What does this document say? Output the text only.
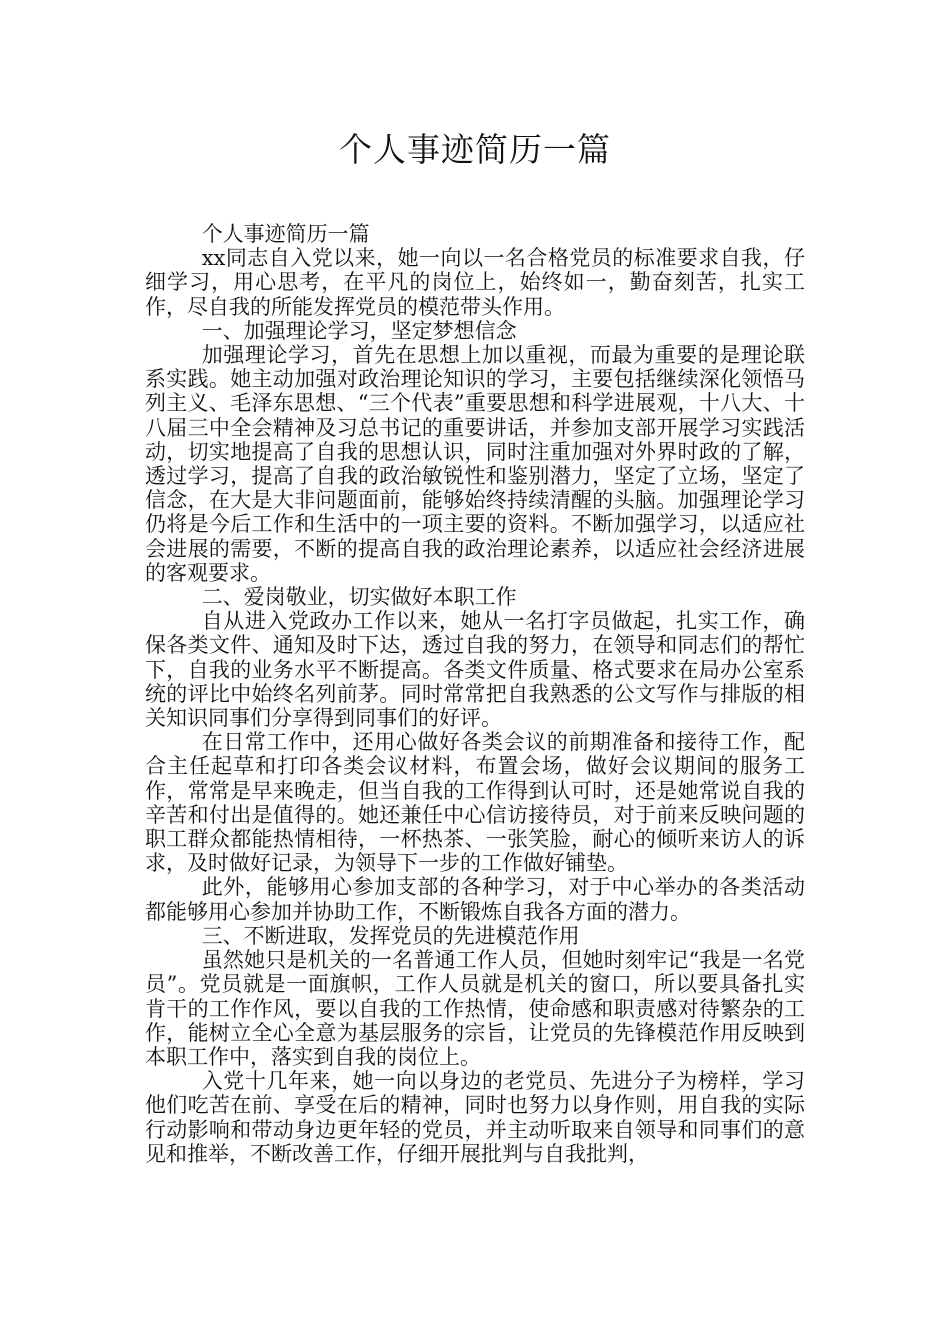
个人事迹简历一篇

个人事迹简历一篇

xx同志自入党以来，她一向以一名合格党员的标准要求自我，仔细学习，用心思考，在平凡的岗位上，始终如一，勤奋刻苦，扎实工作，尽自我的所能发挥党员的模范带头作用。

一、加强理论学习，坚定梦想信念

加强理论学习，首先在思想上加以重视，而最为重要的是理论联系实践。她主动加强对政治理论知识的学习，主要包括继续深化领悟马列主义、毛泽东思想、“三个代表”重要思想和科学进展观，十八大、十八届三中全会精神及习总书记的重要讲话，并参加支部开展学习实践活动，切实地提高了自我的思想认识，同时注重加强对外界时政的了解，透过学习，提高了自我的政治敏锐性和鉴别潜力，坚定了立场，坚定了信念，在大是大非问题面前，能够始终持续清醒的头脑。加强理论学习仍将是今后工作和生活中的一项主要的资料。不断加强学习，以适应社会进展的需要，不断的提高自我的政治理论素养，以适应社会经济进展的客观要求。

二、爱岗敬业，切实做好本职工作

自从进入党政办工作以来，她从一名打字员做起，扎实工作，确保各类文件、通知及时下达，透过自我的努力，在领导和同志们的帮忙下，自我的业务水平不断提高。各类文件质量、格式要求在局办公室系统的评比中始终名列前茅。同时常常把自我熟悉的公文写作与排版的相关知识同事们分享得到同事们的好评。

在日常工作中，还用心做好各类会议的前期准备和接待工作，配合主任起草和打印各类会议材料，布置会场，做好会议期间的服务工作，常常是早来晚走，但当自我的工作得到认可时，还是她常说自我的辛苦和付出是值得的。她还兼任中心信访接待员，对于前来反映问题的职工群众都能热情相待，一杯热茶、一张笑脸，耐心的倾听来访人的诉求，及时做好记录，为领导下一步的工作做好铺垫。

此外，能够用心参加支部的各种学习，对于中心举办的各类活动都能够用心参加并协助工作，不断锻炼自我各方面的潜力。

三、不断进取，发挥党员的先进模范作用

虽然她只是机关的一名普通工作人员，但她时刻牢记“我是一名党员”。党员就是一面旗帜，工作人员就是机关的窗口，所以要具备扎实肯干的工作作风，要以自我的工作热情，使命感和职责感对待繁杂的工作，能树立全心全意为基层服务的宗旨，让党员的先锋模范作用反映到本职工作中，落实到自我的岗位上。

入党十几年来，她一向以身边的老党员、先进分子为榜样，学习他们吃苦在前、享受在后的精神，同时也努力以身作则，用自我的实际行动影响和带动身边更年轻的党员，并主动听取来自领导和同事们的意见和推举，不断改善工作，仔细开展批判与自我批判，
